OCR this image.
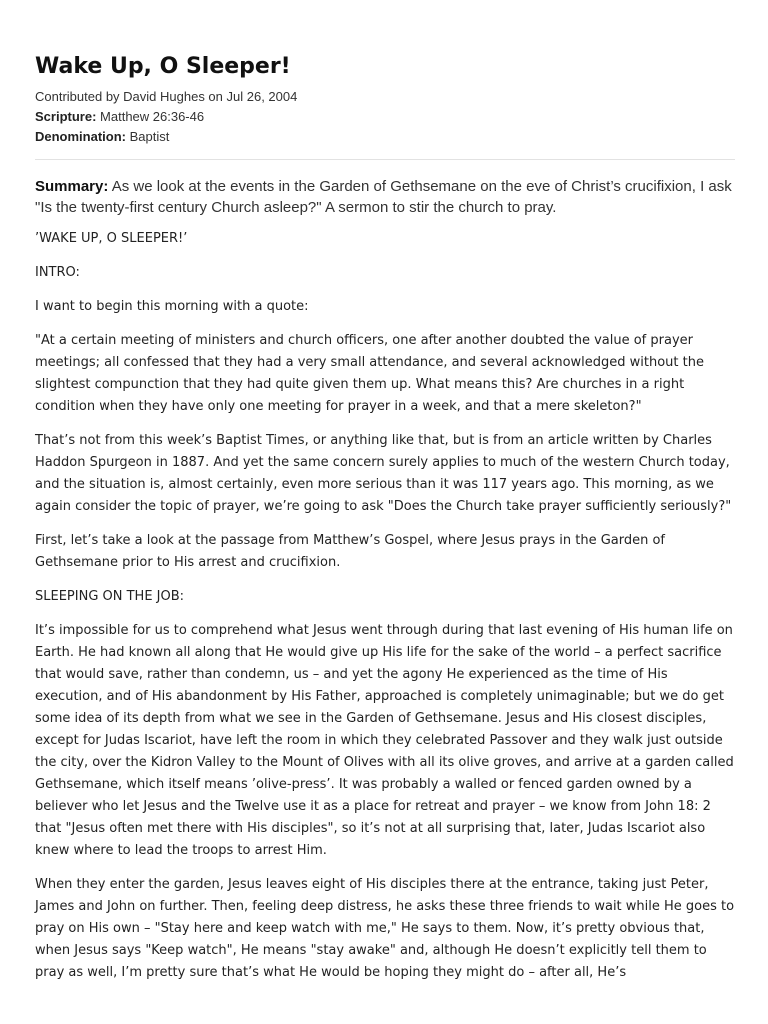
Wake Up, O Sleeper!
Contributed by David Hughes on Jul 26, 2004
Scripture: Matthew 26:36-46
Denomination: Baptist

Summary: As we look at the events in the Garden of Gethsemane on the eve of Christ’s crucifixion, I ask "Is the twenty-first century Church asleep?" A sermon to stir the church to pray.

’WAKE UP, O SLEEPER!’

INTRO:

I want to begin this morning with a quote:

"At a certain meeting of ministers and church officers, one after another doubted the value of prayer meetings; all confessed that they had a very small attendance, and several acknowledged without the slightest compunction that they had quite given them up. What means this? Are churches in a right condition when they have only one meeting for prayer in a week, and that a mere skeleton?"

That’s not from this week’s Baptist Times, or anything like that, but is from an article written by Charles Haddon Spurgeon in 1887. And yet the same concern surely applies to much of the western Church today, and the situation is, almost certainly, even more serious than it was 117 years ago. This morning, as we again consider the topic of prayer, we’re going to ask "Does the Church take prayer sufficiently seriously?"

First, let’s take a look at the passage from Matthew’s Gospel, where Jesus prays in the Garden of Gethsemane prior to His arrest and crucifixion.

SLEEPING ON THE JOB:

It’s impossible for us to comprehend what Jesus went through during that last evening of His human life on Earth. He had known all along that He would give up His life for the sake of the world – a perfect sacrifice that would save, rather than condemn, us – and yet the agony He experienced as the time of His execution, and of His abandonment by His Father, approached is completely unimaginable; but we do get some idea of its depth from what we see in the Garden of Gethsemane. Jesus and His closest disciples, except for Judas Iscariot, have left the room in which they celebrated Passover and they walk just outside the city, over the Kidron Valley to the Mount of Olives with all its olive groves, and arrive at a garden called Gethsemane, which itself means ’olive-press’. It was probably a walled or fenced garden owned by a believer who let Jesus and the Twelve use it as a place for retreat and prayer – we know from John 18: 2 that "Jesus often met there with His disciples", so it’s not at all surprising that, later, Judas Iscariot also knew where to lead the troops to arrest Him.

When they enter the garden, Jesus leaves eight of His disciples there at the entrance, taking just Peter, James and John on further. Then, feeling deep distress, he asks these three friends to wait while He goes to pray on His own – "Stay here and keep watch with me," He says to them. Now, it’s pretty obvious that, when Jesus says "Keep watch", He means "stay awake" and, although He doesn’t explicitly tell them to pray as well, I’m pretty sure that’s what He would be hoping they might do – after all, He’s
